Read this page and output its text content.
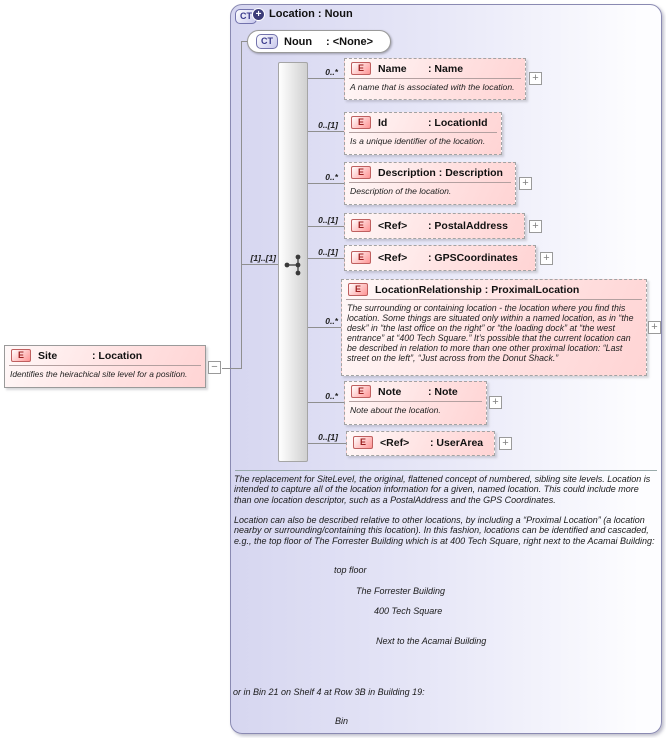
CT + Location : Noun
CT	Noun	: <None>
[1]..[1]
0..*
0..[1]
0..*
0..[1]
0..[1]
0..*
0..*
0..[1]
E	Name	: Name
A name that is associated with the location.
+
E	Id	: LocationId
Is a unique identifier of the location.
E	Description : Description
Description of the location.
+
E	<Ref>	: PostalAddress +
E	<Ref>	: GPSCoordinates +
E	LocationRelationship : ProximalLocation
The surrounding or containing location - the location where you find this location. Some things are situated only within a named location, as in “the desk” in “the last office on the right” or “the loading dock” at “the west entrance” at “400 Tech Square.” It’s possible that the current location can be described in relation to more than one other proximal location: “Last street on the left”, “Just across from the Donut Shack.”
+
E	Note	: Note
Note about the location.
+
E	<Ref>	: UserArea +
E	Site	: Location
Identifies the heirachical site level for a position.
−
The replacement for SiteLevel, the original, flattened concept of numbered, sibling site levels. Location is intended to capture all of the location information for a given, named location. This could include more than one location descriptor, such as a PostalAddress and the GPS Coordinates.
Location can also be described relative to other locations, by including a “Proximal Location” (a location nearby or surrounding/containing this location). In this fashion, locations can be identified and cascaded, e.g., the top floor of The Forrester Building which is at 400 Tech Square, right next to the Acamai Building:
top floor
The Forrester Building
400 Tech Square
Next to the Acamai Building
or in Bin 21 on Shelf 4 at Row 3B in Building 19:
Bin
